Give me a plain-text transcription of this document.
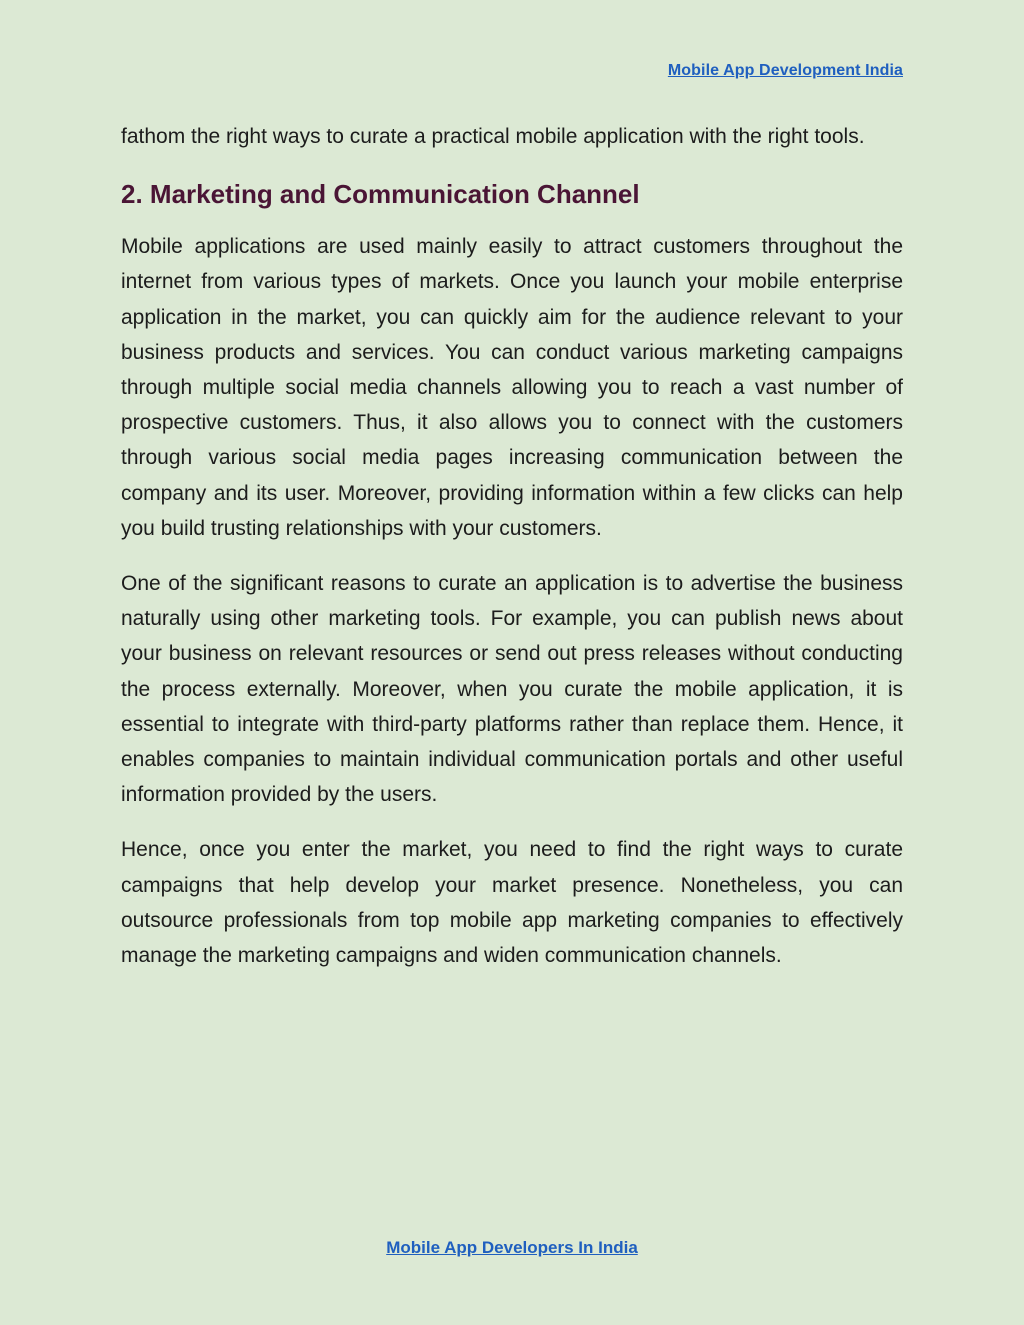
Mobile App Development India

fathom the right ways to curate a practical mobile application with the right tools.

2. Marketing and Communication Channel

Mobile applications are used mainly easily to attract customers throughout the internet from various types of markets. Once you launch your mobile enterprise application in the market, you can quickly aim for the audience relevant to your business products and services. You can conduct various marketing campaigns through multiple social media channels allowing you to reach a vast number of prospective customers. Thus, it also allows you to connect with the customers through various social media pages increasing communication between the company and its user. Moreover, providing information within a few clicks can help you build trusting relationships with your customers.

One of the significant reasons to curate an application is to advertise the business naturally using other marketing tools. For example, you can publish news about your business on relevant resources or send out press releases without conducting the process externally. Moreover, when you curate the mobile application, it is essential to integrate with third-party platforms rather than replace them. Hence, it enables companies to maintain individual communication portals and other useful information provided by the users.

Hence, once you enter the market, you need to find the right ways to curate campaigns that help develop your market presence. Nonetheless, you can outsource professionals from top mobile app marketing companies to effectively manage the marketing campaigns and widen communication channels.

Mobile App Developers In India
